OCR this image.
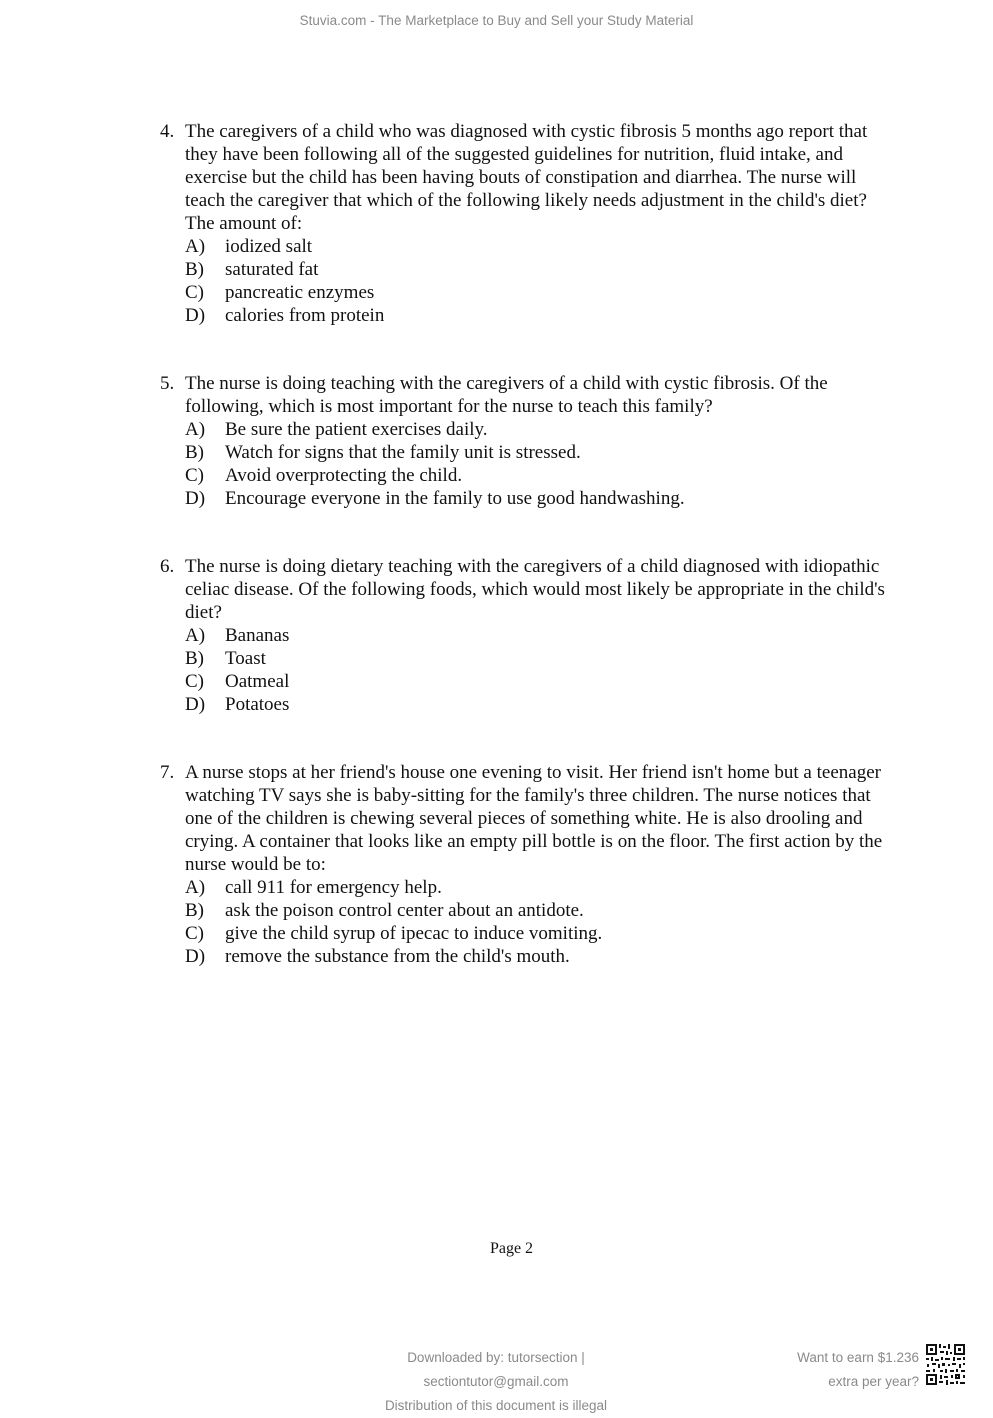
Stuvia.com - The Marketplace to Buy and Sell your Study Material
4. The caregivers of a child who was diagnosed with cystic fibrosis 5 months ago report that they have been following all of the suggested guidelines for nutrition, fluid intake, and exercise but the child has been having bouts of constipation and diarrhea. The nurse will teach the caregiver that which of the following likely needs adjustment in the child's diet? The amount of:
A)	iodized salt
B)	saturated fat
C)	pancreatic enzymes
D)	calories from protein
5. The nurse is doing teaching with the caregivers of a child with cystic fibrosis. Of the following, which is most important for the nurse to teach this family?
A)	Be sure the patient exercises daily.
B)	Watch for signs that the family unit is stressed.
C)	Avoid overprotecting the child.
D)	Encourage everyone in the family to use good handwashing.
6. The nurse is doing dietary teaching with the caregivers of a child diagnosed with idiopathic celiac disease. Of the following foods, which would most likely be appropriate in the child's diet?
A)	Bananas
B)	Toast
C)	Oatmeal
D)	Potatoes
7. A nurse stops at her friend's house one evening to visit. Her friend isn't home but a teenager watching TV says she is baby-sitting for the family's three children. The nurse notices that one of the children is chewing several pieces of something white. He is also drooling and crying. A container that looks like an empty pill bottle is on the floor. The first action by the nurse would be to:
A)	call 911 for emergency help.
B)	ask the poison control center about an antidote.
C)	give the child syrup of ipecac to induce vomiting.
D)	remove the substance from the child's mouth.
Page 2
Downloaded by: tutorsection | sectiontutor@gmail.com
Distribution of this document is illegal
Want to earn $1.236
extra per year?
